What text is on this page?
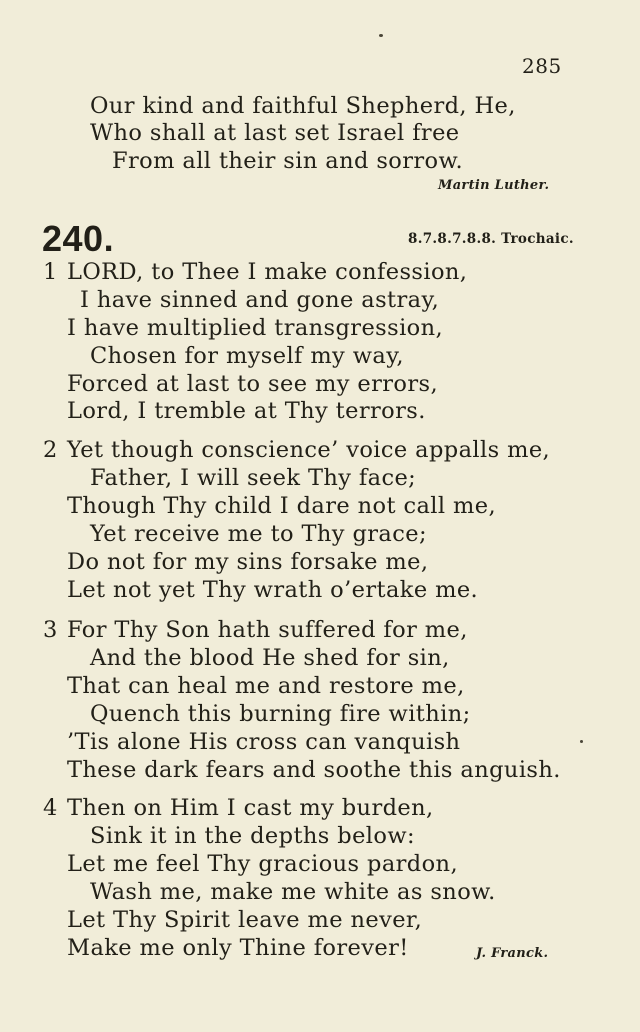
285
Our kind and faithful Shepherd, He,
Who shall at last set Israel free
From all their sin and sorrow.
Martin Luther.
240.	8.7.8.7.8.8. Trochaic.
1 LORD, to Thee I make confession,
I have sinned and gone astray,
I have multiplied transgression,
Chosen for myself my way,
Forced at last to see my errors,
Lord, I tremble at Thy terrors.
2 Yet though conscience’ voice appalls me,
Father, I will seek Thy face;
Though Thy child I dare not call me,
Yet receive me to Thy grace;
Do not for my sins forsake me,
Let not yet Thy wrath o’ertake me.
3 For Thy Son hath suffered for me,
And the blood He shed for sin,
That can heal me and restore me,
Quench this burning fire within;
’Tis alone His cross can vanquish
These dark fears and soothe this anguish.
4 Then on Him I cast my burden,
Sink it in the depths below:
Let me feel Thy gracious pardon,
Wash me, make me white as snow.
Let Thy Spirit leave me never,
Make me only Thine forever!	J. Franck.
